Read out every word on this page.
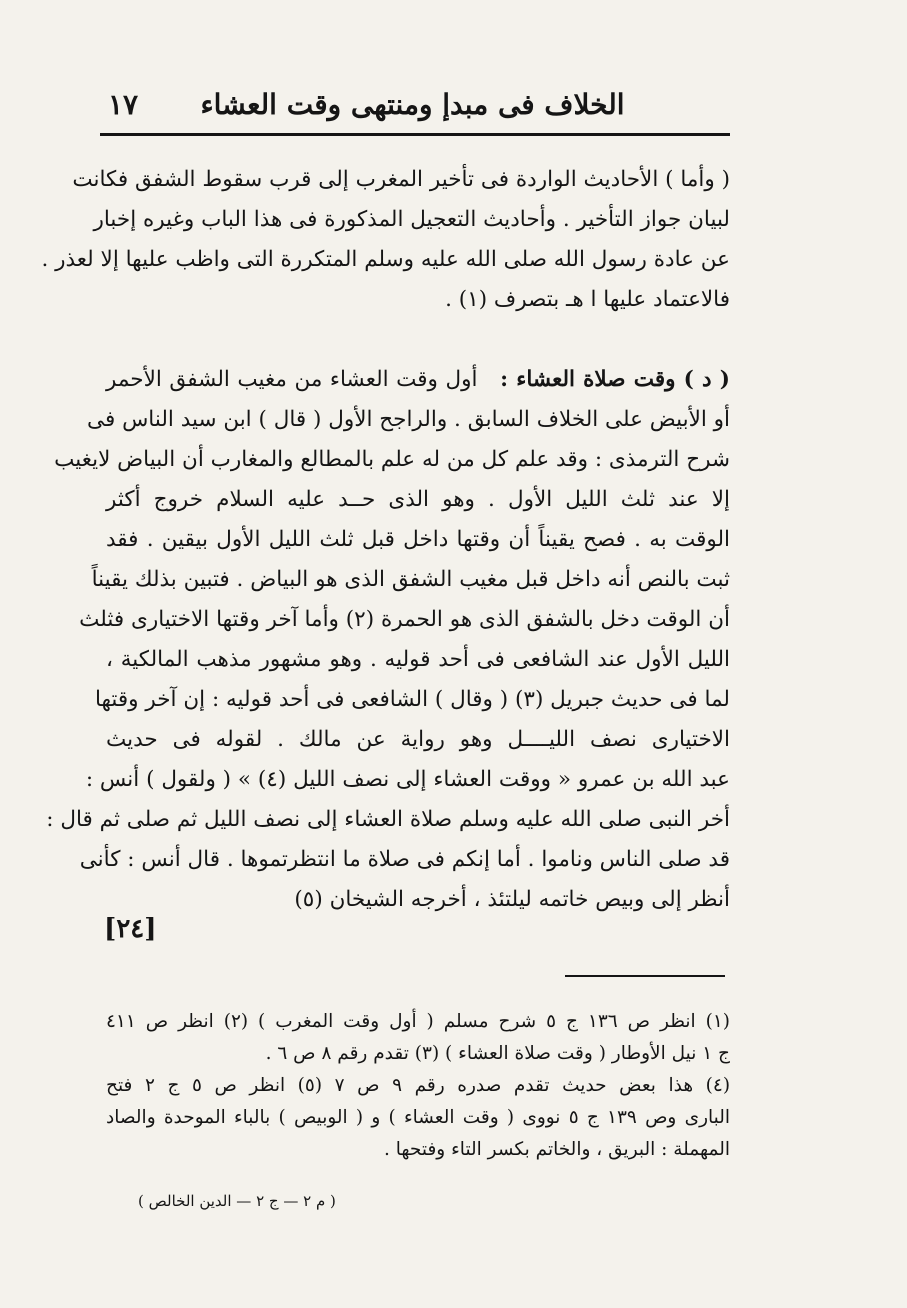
الخلاف فى مبدإ ومنتهى وقت العشاء
١٧
( وأما ) الأحاديث الواردة فى تأخير المغرب إلى قرب سقوط الشفق فكانت
لبيان جواز التأخير . وأحاديث التعجيل المذكورة فى هذا الباب وغيره إخبار
عن عادة رسول الله صلى الله عليه وسلم المتكررة التى واظب عليها إلا لعذر .
فالاعتماد عليها ا هـ بتصرف (١) .
( د ) وقت صلاة العشاء :   أول وقت العشاء من مغيب الشفق الأحمر
أو الأبيض على الخلاف السابق . والراجح الأول ( قال ) ابن سيد الناس فى
شرح الترمذى : وقد علم كل من له علم بالمطالع والمغارب أن البياض لايغيب
إلا عند ثلث الليل الأول . وهو الذى حــد عليه السلام خروج أكثر
الوقت به . فصح يقيناً أن وقتها داخل قبل ثلث الليل الأول بيقين . فقد
ثبت بالنص أنه داخل قبل مغيب الشفق الذى هو البياض . فتبين بذلك يقيناً
أن الوقت دخل بالشفق الذى هو الحمرة (٢) وأما آخر وقتها الاختيارى فثلث
الليل الأول عند الشافعى فى أحد قوليه . وهو مشهور مذهب المالكية ،
لما فى حديث جبريل (٣) ( وقال ) الشافعى فى أحد قوليه : إن آخر وقتها
الاختيارى نصف الليــــل وهو رواية عن مالك . لقوله فى حديث
عبد الله بن عمرو « ووقت العشاء إلى نصف الليل (٤) » ( ولقول ) أنس :
أخر النبى صلى الله عليه وسلم صلاة العشاء إلى نصف الليل ثم صلى ثم قال :
قد صلى الناس وناموا . أما إنكم فى صلاة ما انتظرتموها . قال أنس : كأنى
أنظر إلى وبيص خاتمه ليلتئذ ، أخرجه الشيخان (٥)
[٢٤]
(١) انظر ص ١٣٦ ج ٥ شرح مسلم ( أول وقت المغرب ) (٢) انظر ص ٤١١
ج ١ نيل الأوطار ( وقت صلاة العشاء ) (٣) تقدم رقم ٨ ص ٦ .
(٤) هذا بعض حديث تقدم صدره رقم ٩ ص ٧ (٥) انظر ص ٥ ج ٢ فتح
البارى وص ١٣٩ ج ٥ نووى ( وقت العشاء ) و ( الوبيص ) بالباء الموحدة والصاد
المهملة : البريق ، والخاتم بكسر التاء وفتحها .
( م ٢ — ج ٢ — الدين الخالص )
